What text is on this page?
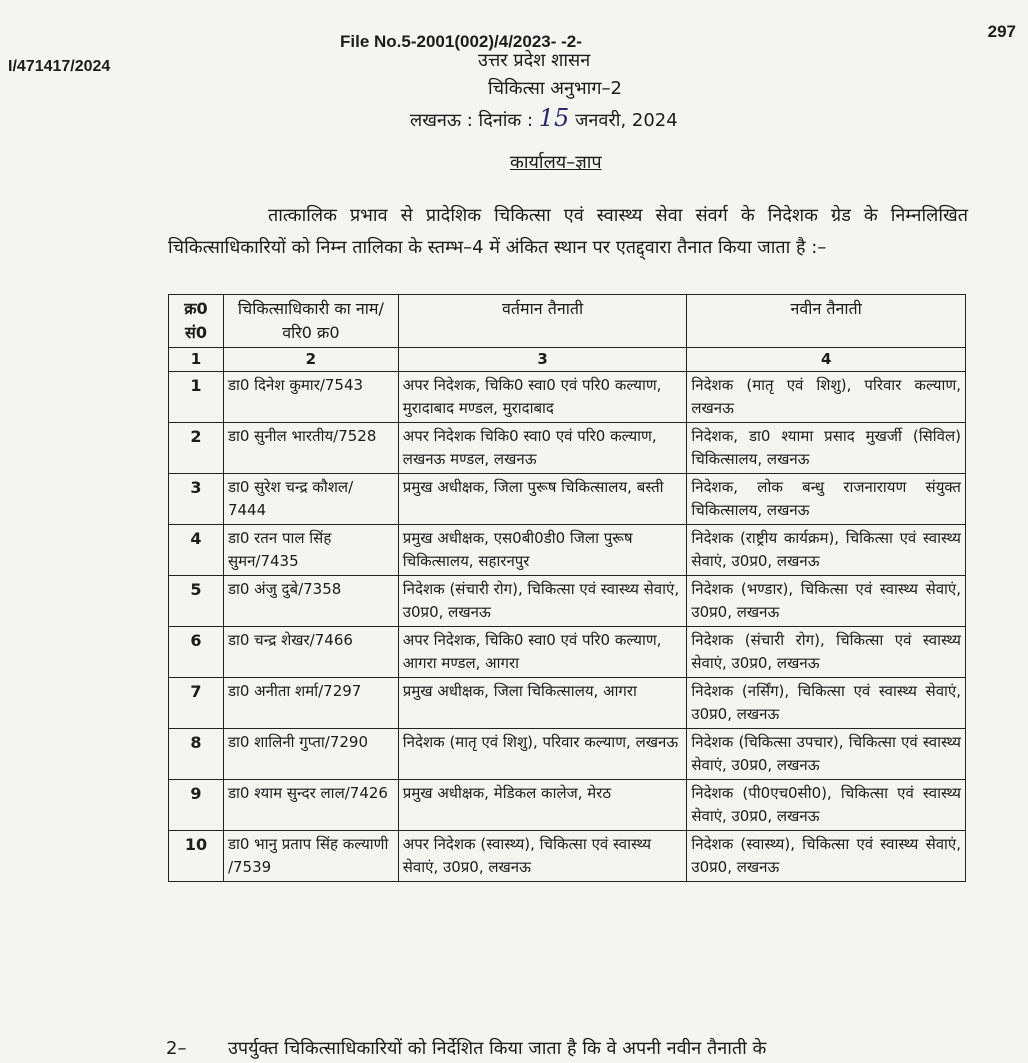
297
I/471417/2024
File No.5-2001(002)/4/2023- -2-
उत्तर प्रदेश शासन
चिकित्सा अनुभाग–2
लखनऊ : दिनांक : 15 जनवरी, 2024
कार्यालय–ज्ञाप
तात्कालिक प्रभाव से प्रादेशिक चिकित्सा एवं स्वास्थ्य सेवा संवर्ग के निदेशक ग्रेड के निम्नलिखित चिकित्साधिकारियों को निम्न तालिका के स्तम्भ–4 में अंकित स्थान पर एतद्द्वारा तैनात किया जाता है :–
क्र0 सं0	चिकित्साधिकारी का नाम/वरि0 क्र0	वर्तमान तैनाती	नवीन तैनाती
1	2	3	4
1	डा0 दिनेश कुमार/7543	अपर निदेशक, चिकि0 स्वा0 एवं परि0 कल्याण, मुरादाबाद मण्डल, मुरादाबाद	निदेशक (मातृ एवं शिशु), परिवार कल्याण, लखनऊ
2	डा0 सुनील भारतीय/7528	अपर निदेशक चिकि0 स्वा0 एवं परि0 कल्याण, लखनऊ मण्डल, लखनऊ	निदेशक, डा0 श्यामा प्रसाद मुखर्जी (सिविल) चिकित्सालय, लखनऊ
3	डा0 सुरेश चन्द्र कौशल/ 7444	प्रमुख अधीक्षक, जिला पुरूष चिकित्सालय, बस्ती	निदेशक, लोक बन्धु राजनारायण संयुक्त चिकित्सालय, लखनऊ
4	डा0 रतन पाल सिंह सुमन/7435	प्रमुख अधीक्षक, एस0बी0डी0 जिला पुरूष चिकित्सालय, सहारनपुर	निदेशक (राष्ट्रीय कार्यक्रम), चिकित्सा एवं स्वास्थ्य सेवाएं, उ0प्र0, लखनऊ
5	डा0 अंजु दुबे/7358	निदेशक (संचारी रोग), चिकित्सा एवं स्वास्थ्य सेवाएं, उ0प्र0, लखनऊ	निदेशक (भण्डार), चिकित्सा एवं स्वास्थ्य सेवाएं, उ0प्र0, लखनऊ
6	डा0 चन्द्र शेखर/7466	अपर निदेशक, चिकि0 स्वा0 एवं परि0 कल्याण, आगरा मण्डल, आगरा	निदेशक (संचारी रोग), चिकित्सा एवं स्वास्थ्य सेवाएं, उ0प्र0, लखनऊ
7	डा0 अनीता शर्मा/7297	प्रमुख अधीक्षक, जिला चिकित्सालय, आगरा	निदेशक (नर्सिंग), चिकित्सा एवं स्वास्थ्य सेवाएं, उ0प्र0, लखनऊ
8	डा0 शालिनी गुप्ता/7290	निदेशक (मातृ एवं शिशु), परिवार कल्याण, लखनऊ	निदेशक (चिकित्सा उपचार), चिकित्सा एवं स्वास्थ्य सेवाएं, उ0प्र0, लखनऊ
9	डा0 श्याम सुन्दर लाल/7426	प्रमुख अधीक्षक, मेडिकल कालेज, मेरठ	निदेशक (पी0एच0सी0), चिकित्सा एवं स्वास्थ्य सेवाएं, उ0प्र0, लखनऊ
10	डा0 भानु प्रताप सिंह कल्याणी /7539	अपर निदेशक (स्वास्थ्य), चिकित्सा एवं स्वास्थ्य सेवाएं, उ0प्र0, लखनऊ	निदेशक (स्वास्थ्य), चिकित्सा एवं स्वास्थ्य सेवाएं, उ0प्र0, लखनऊ
2– उपर्युक्त चिकित्साधिकारियों को निर्देशित किया जाता है कि वे अपनी नवीन तैनाती के
